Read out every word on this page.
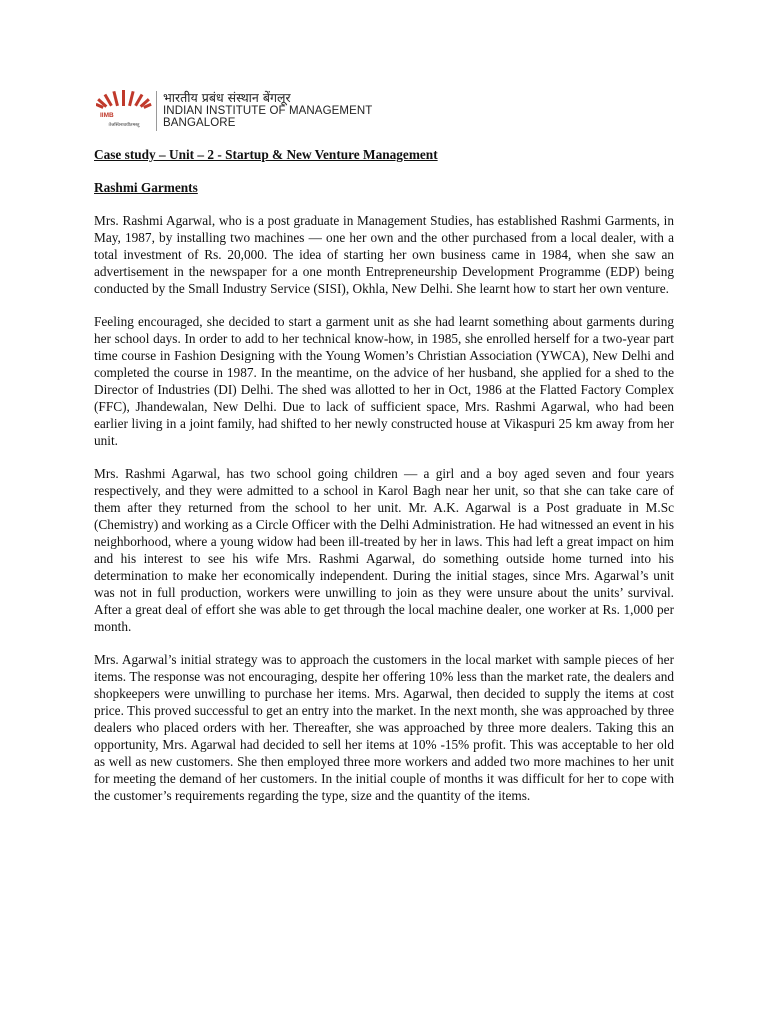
IIMB
तेजस्विनावधीतमस्तु
भारतीय प्रबंध संस्थान बेंगलूर
INDIAN INSTITUTE OF MANAGEMENT
BANGALORE

Case study – Unit – 2 - Startup & New Venture Management

Rashmi Garments

Mrs. Rashmi Agarwal, who is a post graduate in Management Studies, has established Rashmi Garments, in May, 1987, by installing two machines — one her own and the other purchased from a local dealer, with a total investment of Rs. 20,000. The idea of starting her own business came in 1984, when she saw an advertisement in the newspaper for a one month Entrepreneurship Development Programme (EDP) being conducted by the Small Industry Service (SISI), Okhla, New Delhi. She learnt how to start her own venture.

Feeling encouraged, she decided to start a garment unit as she had learnt something about garments during her school days. In order to add to her technical know-how, in 1985, she enrolled herself for a two-year part time course in Fashion Designing with the Young Women’s Christian Association (YWCA), New Delhi and completed the course in 1987. In the meantime, on the advice of her husband, she applied for a shed to the Director of Industries (DI) Delhi. The shed was allotted to her in Oct, 1986 at the Flatted Factory Complex (FFC), Jhandewalan, New Delhi. Due to lack of sufficient space, Mrs. Rashmi Agarwal, who had been earlier living in a joint family, had shifted to her newly constructed house at Vikaspuri 25 km away from her unit.

Mrs. Rashmi Agarwal, has two school going children — a girl and a boy aged seven and four years respectively, and they were admitted to a school in Karol Bagh near her unit, so that she can take care of them after they returned from the school to her unit. Mr. A.K. Agarwal is a Post graduate in M.Sc (Chemistry) and working as a Circle Officer with the Delhi Administration. He had witnessed an event in his neighborhood, where a young widow had been ill-treated by her in laws. This had left a great impact on him and his interest to see his wife Mrs. Rashmi Agarwal, do something outside home turned into his determination to make her economically independent. During the initial stages, since Mrs. Agarwal’s unit was not in full production, workers were unwilling to join as they were unsure about the units’ survival. After a great deal of effort she was able to get through the local machine dealer, one worker at Rs. 1,000 per month.

Mrs. Agarwal’s initial strategy was to approach the customers in the local market with sample pieces of her items. The response was not encouraging, despite her offering 10% less than the market rate, the dealers and shopkeepers were unwilling to purchase her items. Mrs. Agarwal, then decided to supply the items at cost price. This proved successful to get an entry into the market. In the next month, she was approached by three dealers who placed orders with her. Thereafter, she was approached by three more dealers. Taking this an opportunity, Mrs. Agarwal had decided to sell her items at 10% -15% profit. This was acceptable to her old as well as new customers. She then employed three more workers and added two more machines to her unit for meeting the demand of her customers. In the initial couple of months it was difficult for her to cope with the customer’s requirements regarding the type, size and the quantity of the items.
